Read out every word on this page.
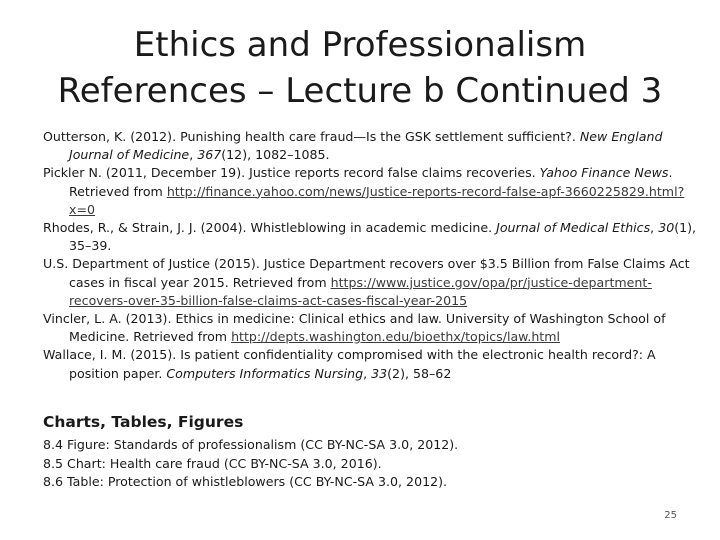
Ethics and Professionalism
References – Lecture b Continued 3
Outterson, K. (2012). Punishing health care fraud—Is the GSK settlement sufficient?. New England Journal of Medicine, 367(12), 1082–1085.
Pickler N. (2011, December 19). Justice reports record false claims recoveries. Yahoo Finance News. Retrieved from http://finance.yahoo.com/news/Justice-reports-record-false-apf-3660225829.html?x=0
Rhodes, R., & Strain, J. J. (2004). Whistleblowing in academic medicine. Journal of Medical Ethics, 30(1), 35–39.
U.S. Department of Justice (2015). Justice Department recovers over $3.5 Billion from False Claims Act cases in fiscal year 2015. Retrieved from https://www.justice.gov/opa/pr/justice-department-recovers-over-35-billion-false-claims-act-cases-fiscal-year-2015
Vincler, L. A. (2013). Ethics in medicine: Clinical ethics and law. University of Washington School of Medicine. Retrieved from http://depts.washington.edu/bioethx/topics/law.html
Wallace, I. M. (2015). Is patient confidentiality compromised with the electronic health record?: A position paper. Computers Informatics Nursing, 33(2), 58–62
Charts, Tables, Figures
8.4 Figure: Standards of professionalism (CC BY-NC-SA 3.0, 2012).
8.5 Chart: Health care fraud (CC BY-NC-SA 3.0, 2016).
8.6 Table: Protection of whistleblowers (CC BY-NC-SA 3.0, 2012).
25
